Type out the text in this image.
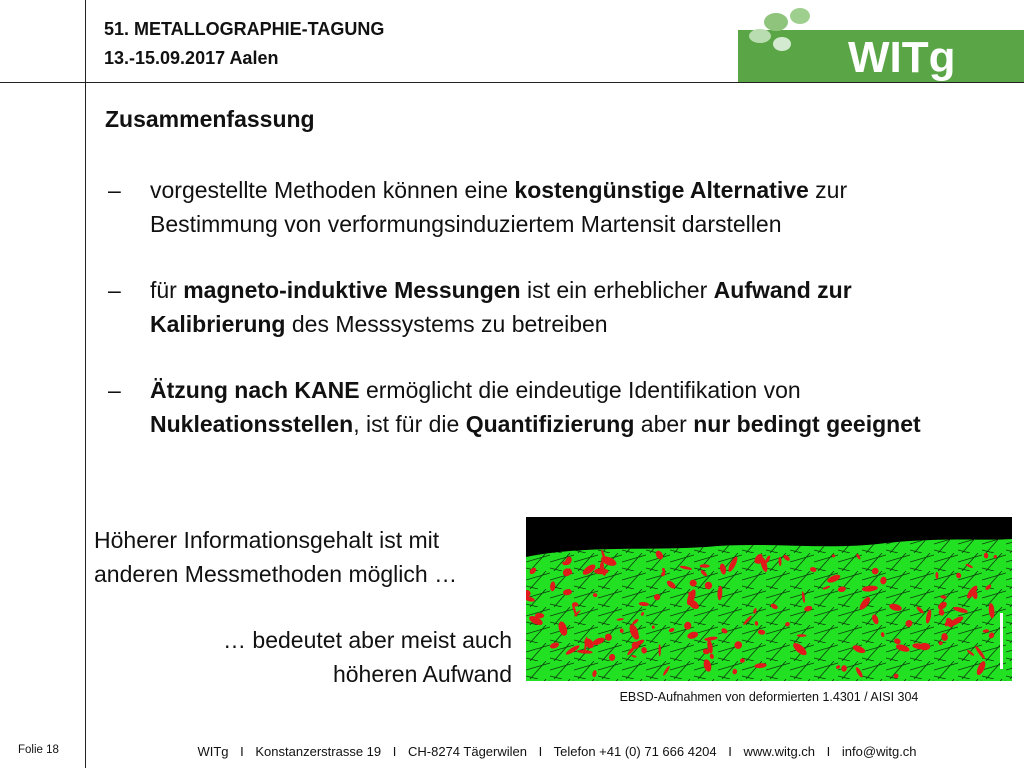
51. METALLOGRAPHIE-TAGUNG
13.-15.09.2017 Aalen	WITg
Zusammenfassung
– vorgestellte Methoden können eine kostengünstige Alternative zur Bestimmung von verformungsinduziertem Martensit darstellen
– für magneto-induktive Messungen ist ein erheblicher Aufwand zur Kalibrierung des Messsystems zu betreiben
– Ätzung nach KANE ermöglicht die eindeutige Identifikation von Nukleationsstellen, ist für die Quantifizierung aber nur bedingt geeignet
Höherer Informationsgehalt ist mit
anderen Messmethoden möglich …
… bedeutet aber meist auch
höheren Aufwand
EBSD-Aufnahmen von deformierten 1.4301 / AISI 304
Folie 18	WITg I Konstanzerstrasse 19 I CH-8274 Tägerwilen I Telefon +41 (0) 71 666 4204 I www.witg.ch I info@witg.ch
